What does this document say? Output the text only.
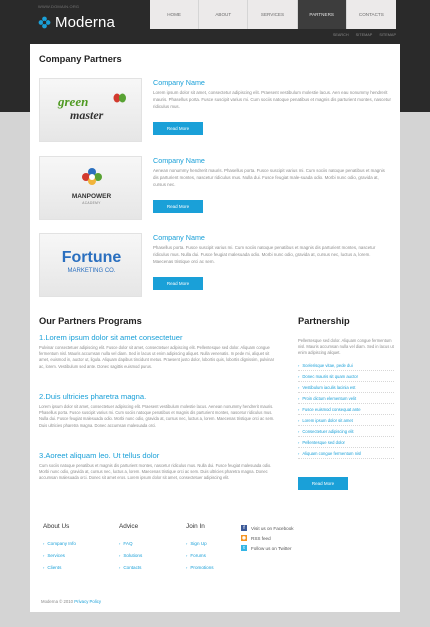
WWW.DOMAIN.ORG
Moderna	HOME	ABOUT	SERVICES	PARTNERS	CONTACTS
SEARCH SITEMAP SITEMAP
Company Partners
green
master
Company Name
Lorem ipsum dolor sit amet, consectetur adipiscing elit. Praesent vestibulum molestie lacus. Aen eau nonummy hendrerit mauris. Phasellus porta. Fusce suscipit varius mi. Cum sociis natoque penatibus et magnis dis parturient montes, nascetur ridiculus mus.
Read More
MANPOWER
ACADEMY
Company Name
Aenean nonummy hendrerit mauris. Phasellus porta. Fusce suscipit varius mi. Cum sociis natoque penatibus et magnis dis parturient montes, nascetur ridiculus mus. Nulla dui. Fusce feugiat male-suada odio. Morbi nunc odio, gravida at, cursus nec.
Read More
Fortune
MARKETING CO.
Company Name
Phasellus porta. Fusce suscipit varius mi. Cum sociis natoque penatibus et magnis dis parturient montes, nascetur ridiculus mus. Nulla dui. Fusce feugiat malesuada odio. Morbi nunc odio, gravida at, cursus nec, luctus a, lorem. Maecenas tristique orci ac sem.
Read More
Our Partners Programs
1.Lorem ipsum dolor sit amet consectetuer
Pulvinar consectetuer adipiscing elit. Fusce dolor sit amet, consectetuer adipiscing elit. Pellentesque sed dolor. Aliquam congue fermentum nisl. Mauris accumsan nulla vel diam. Sed in lacus ut enim adipiscing aliquet. Nulla venenatis. In pede mi, aliquet sit amet, euismod in, auctor ut, ligula. Aliquam dapibus tincidunt metus. Praesent justo dolor, lobortis quis, lobortis dignissim, pulvinar ac, lorem. Vestibulum sed ante. Donec sagittis euismod purus.
2.Duis ultricies pharetra magna.
Lorem ipsum dolor sit amet, consectetuer adipiscing elit. Praesent vestibulum molestie lacus. Aenean nonummy hendrerit mauris. Phasellus porta. Fusce suscipit varius mi. Cum sociis natoque penatibus et magnis dis parturient montes, nascetur ridiculus mus. Nulla dui. Fusce feugiat malesuada odio. Morbi nunc odio, gravida at, cursus nec, luctus a, lorem. Maecenas tristique orci ac sem. Duis ultricies pharetra magna. Donec accumsan malesuada orci.
3.Aoreet aliquam leo. Ut tellus dolor
Cum sociis natoque penatibus et magnis dis parturient montes, nascetur ridiculus mus. Nulla dui. Fusce feugiat malesuada odio. Morbi nunc odio, gravida at, cursus nec, luctus a, lorem. Maecenas tristique orci ac sem. Duis ultricies pharetra magna. Donec accumsan malesuada orci. Donec sit amet eros. Lorem ipsum dolor sit amet, consectetuer adipiscing elit.
Partnership
Pellentesque sed dolor. Aliquam congue fermentum nisl. Mauris accumsan nulla vel diam. Sed in lacus ut enim adipiscing aliquet.
› Scelerisque vitae, pede dui
› Donec mauris sit quam auctor
› Vestibulum iaculis lacinia est
› Proin dictum elementum velit
› Fusce euismod consequat ante
› Lorem ipsum dolor sit amet
› Consectetuer adipiscing elit
› Pellentesque sed dolor
› Aliquam congue fermentum nisl
Read More
About Us
› Company Info
› Services
› Clients
Advice
› FAQ
› Solutions
› Contacts
Join In
› Sign Up
› Forums
› Promotions
f	Visit us on Facebook
◉ RSS feed
t	Follow us on Twitter
Moderna © 2010 Privacy Policy
